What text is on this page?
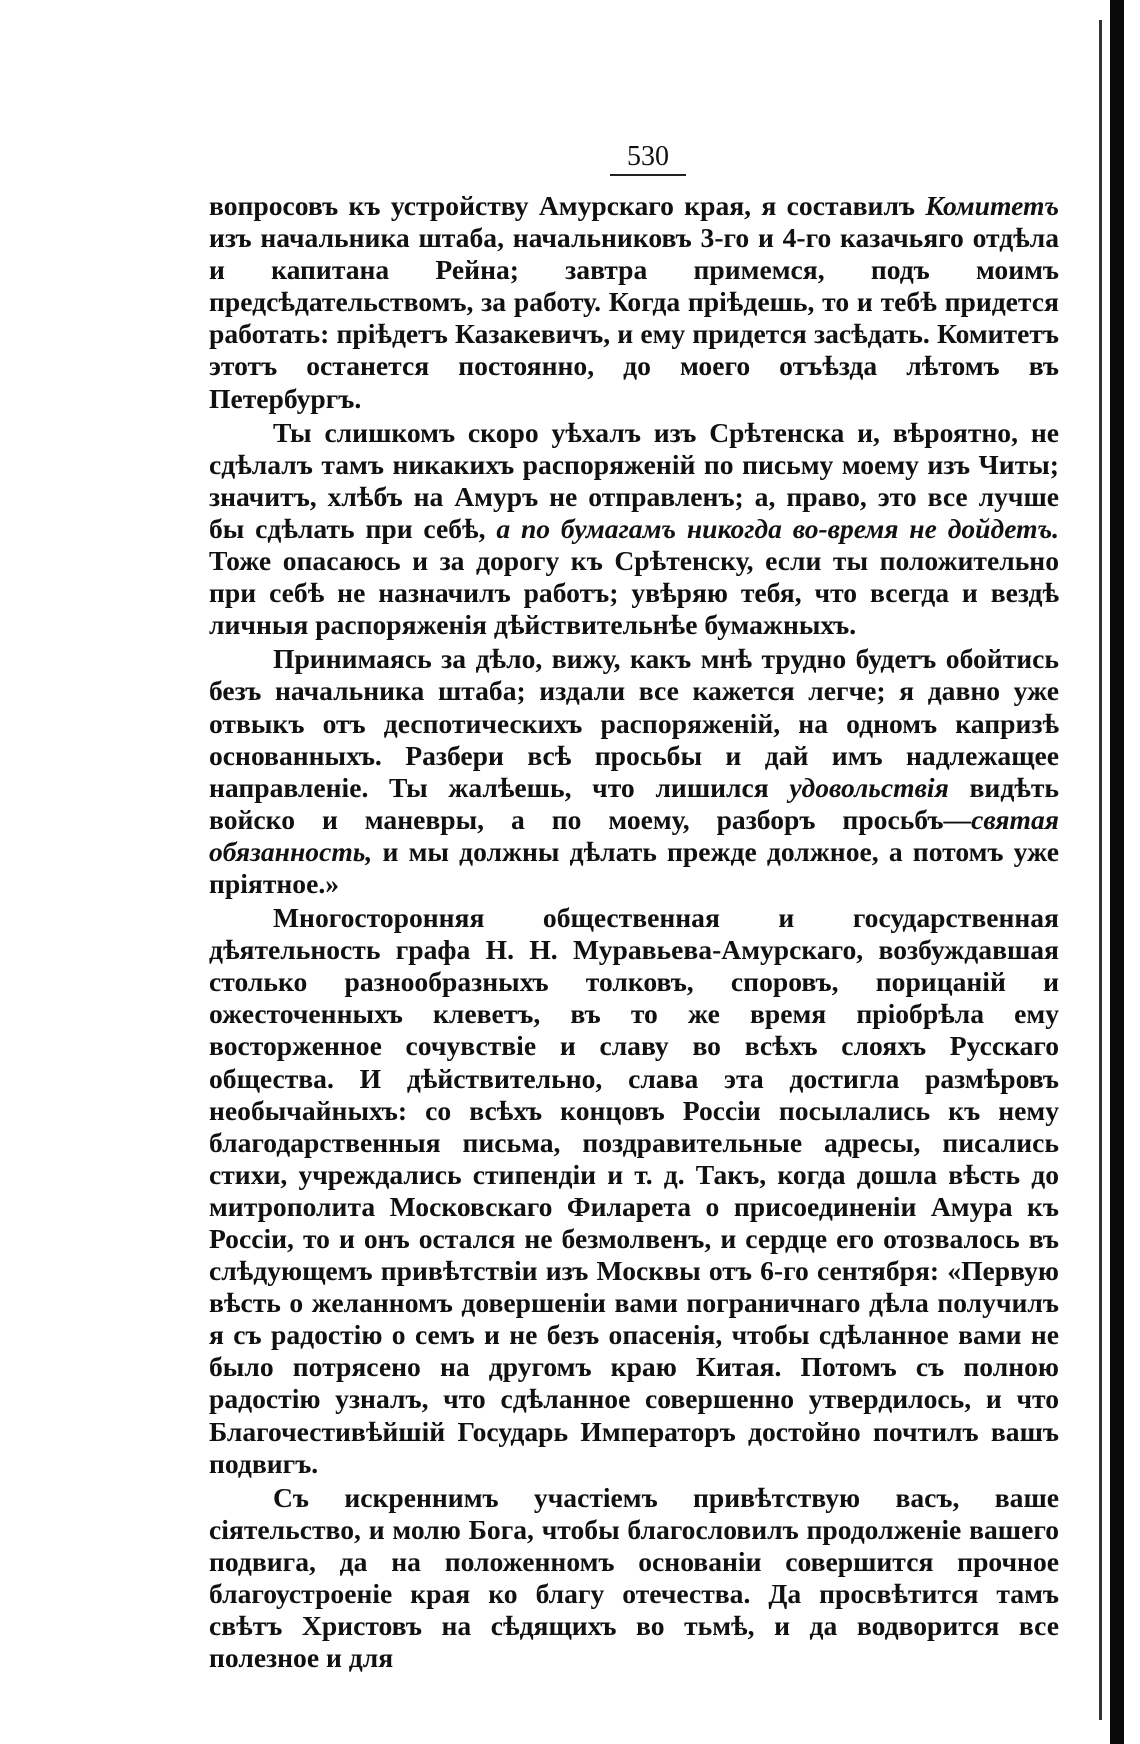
530

вопросовъ къ устройству Амурскаго края, я составилъ Комитетъ изъ начальника штаба, начальниковъ 3-го и 4-го казачьяго отдѣла и капитана Рейна; завтра примемся, подъ моимъ предсѣдательствомъ, за работу. Когда пріѣдешь, то и тебѣ придется работать: пріѣдетъ Казакевичъ, и ему придется засѣдать. Комитетъ этотъ останется постоянно, до моего отъѣзда лѣтомъ въ Петербургъ.

Ты слишкомъ скоро уѣхалъ изъ Срѣтенска и, вѣроятно, не сдѣлалъ тамъ никакихъ распоряженій по письму моему изъ Читы; значитъ, хлѣбъ на Амуръ не отправленъ; а, право, это все лучше бы сдѣлать при себѣ, а по бумагамъ никогда во-время не дойдетъ. Тоже опасаюсь и за дорогу къ Срѣтенску, если ты положительно при себѣ не назначилъ работъ; увѣряю тебя, что всегда и вездѣ личныя распоряженія дѣйствительнѣе бумажныхъ.

Принимаясь за дѣло, вижу, какъ мнѣ трудно будетъ обойтись безъ начальника штаба; издали все кажется легче; я давно уже отвыкъ отъ деспотическихъ распоряженій, на одномъ капризѣ основанныхъ. Разбери всѣ просьбы и дай имъ надлежащее направленіе. Ты жалѣешь, что лишился удовольствія видѣть войско и маневры, а по моему, разборъ просьбъ—святая обязанность, и мы должны дѣлать прежде должное, а потомъ уже пріятное.»

Многосторонняя общественная и государственная дѣятельность графа Н. Н. Муравьева-Амурскаго, возбуждавшая столько разнообразныхъ толковъ, споровъ, порицаній и ожесточенныхъ клеветъ, въ то же время пріобрѣла ему восторженное сочувствіе и славу во всѣхъ слояхъ Русскаго общества. И дѣйствительно, слава эта достигла размѣровъ необычайныхъ: со всѣхъ концовъ Россіи посылались къ нему благодарственныя письма, поздравительные адресы, писались стихи, учреждались стипендіи и т. д. Такъ, когда дошла вѣсть до митрополита Московскаго Филарета о присоединеніи Амура къ Россіи, то и онъ остался не безмолвенъ, и сердце его отозвалось въ слѣдующемъ привѣтствіи изъ Москвы отъ 6-го сентября: «Первую вѣсть о желанномъ довершеніи вами пограничнаго дѣла получилъ я съ радостію о семъ и не безъ опасенія, чтобы сдѣланное вами не было потрясено на другомъ краю Китая. Потомъ съ полною радостію узналъ, что сдѣланное совершенно утвердилось, и что Благочестивѣйшій Государь Императоръ достойно почтилъ вашъ подвигъ.

Съ искреннимъ участіемъ привѣтствую васъ, ваше сіятельство, и молю Бога, чтобы благословилъ продолженіе вашего подвига, да на положенномъ основаніи совершится прочное благоустроеніе края ко благу отечества. Да просвѣтится тамъ свѣтъ Христовъ на сѣдящихъ во тьмѣ, и да водворится все полезное и для
